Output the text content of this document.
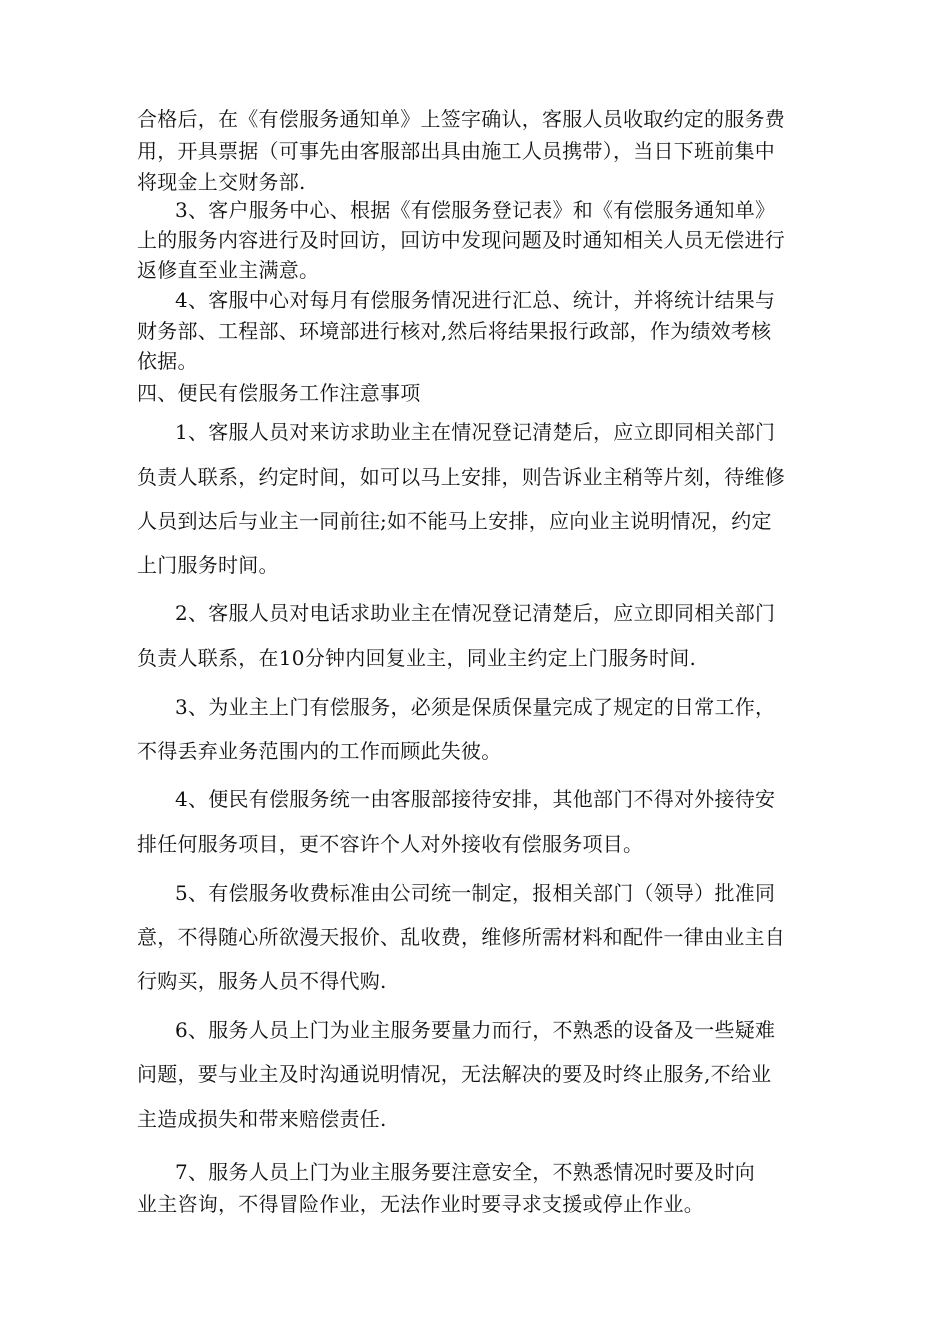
合格后，在《有偿服务通知单》上签字确认，客服人员收取约定的服务费
用，开具票据（可事先由客服部出具由施工人员携带），当日下班前集中
将现金上交财务部.
3、客户服务中心、根据《有偿服务登记表》和《有偿服务通知单》
上的服务内容进行及时回访，回访中发现问题及时通知相关人员无偿进行
返修直至业主满意。
4、客服中心对每月有偿服务情况进行汇总、统计，并将统计结果与
财务部、工程部、环境部进行核对,然后将结果报行政部，作为绩效考核
依据。
四、便民有偿服务工作注意事项
1、客服人员对来访求助业主在情况登记清楚后，应立即同相关部门
负责人联系，约定时间，如可以马上安排，则告诉业主稍等片刻，待维修
人员到达后与业主一同前往;如不能马上安排，应向业主说明情况，约定
上门服务时间。
2、客服人员对电话求助业主在情况登记清楚后，应立即同相关部门
负责人联系，在10分钟内回复业主，同业主约定上门服务时间.
3、为业主上门有偿服务，必须是保质保量完成了规定的日常工作，
不得丢弃业务范围内的工作而顾此失彼。
4、便民有偿服务统一由客服部接待安排，其他部门不得对外接待安
排任何服务项目，更不容许个人对外接收有偿服务项目。
5、有偿服务收费标准由公司统一制定，报相关部门（领导）批准同
意，不得随心所欲漫天报价、乱收费，维修所需材料和配件一律由业主自
行购买，服务人员不得代购.
6、服务人员上门为业主服务要量力而行，不熟悉的设备及一些疑难
问题，要与业主及时沟通说明情况，无法解决的要及时终止服务,不给业
主造成损失和带来赔偿责任.
7、服务人员上门为业主服务要注意安全，不熟悉情况时要及时向
业主咨询，不得冒险作业，无法作业时要寻求支援或停止作业。
